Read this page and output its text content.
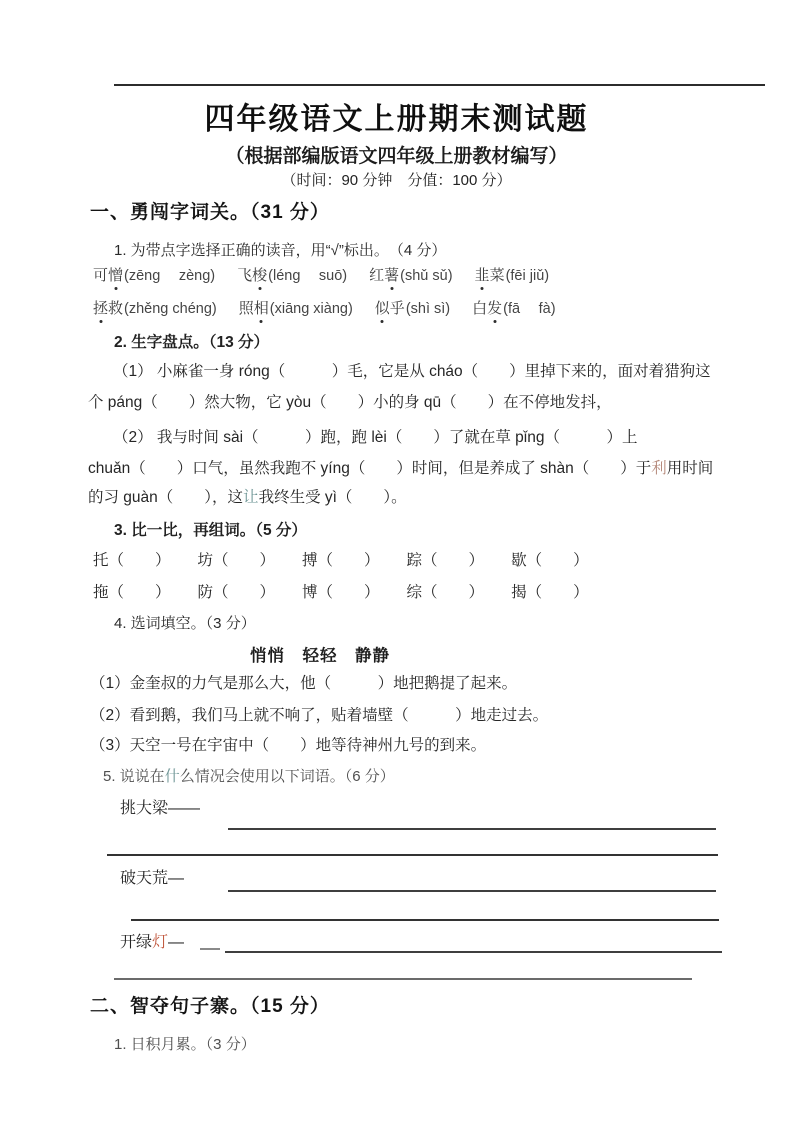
四年级语文上册期末测试题
（根据部编版语文四年级上册教材编写）
（时间：90 分钟　分值：100 分）
一、勇闯字词关。（31 分）
1. 为带点字选择正确的读音，用“√”标出。　（4 分）
可憎(zēng　 zèng) 飞梭(léng　 suō) 红薯(shǔ sǔ) 韭菜(fēi jiǔ)
拯救(zhěng chéng) 照相(xiāng xiàng) 似乎(shì sì) 白发(fā　 fà)
2. 生字盘点。（13 分）
（1） 小麻雀一身 róng（　　　）毛，它是从 cháo（　　）里掉下来的，面对着猎狗这
个 páng（　　）然大物，它 yòu（　　）小的身 qū（　　）在不停地发抖，
（2） 我与时间 sài（　　　）跑，跑 lèi（　　）了就在草 pǐng（　　　）上
chuǎn（　　）口气，虽然我跑不 yíng（　　）时间，但是养成了 shàn（　　）于利用时间
的习 guàn（　　），这让我终生受 yì（　　）。
3. 比一比，再组词。（5 分）
托（　　） 坊（　　） 搏（　　） 踪（　　） 歇（　　）
拖（　　） 防（　　） 博（　　） 综（　　） 揭（　　）
4. 选词填空。（3 分）
悄悄　轻轻　静静
（1）金奎叔的力气是那么大，他（　　　）地把鹅提了起来。
（2）看到鹅，我们马上就不响了，贴着墙壁（　　　）地走过去。
（3）天空一号在宇宙中（　　）地等待神州九号的到来。
5. 说说在什么情况会使用以下词语。（6 分）
挑大梁——
破天荒—
开绿灯—
二、智夺句子寨。（15 分）
1. 日积月累。（3 分）
